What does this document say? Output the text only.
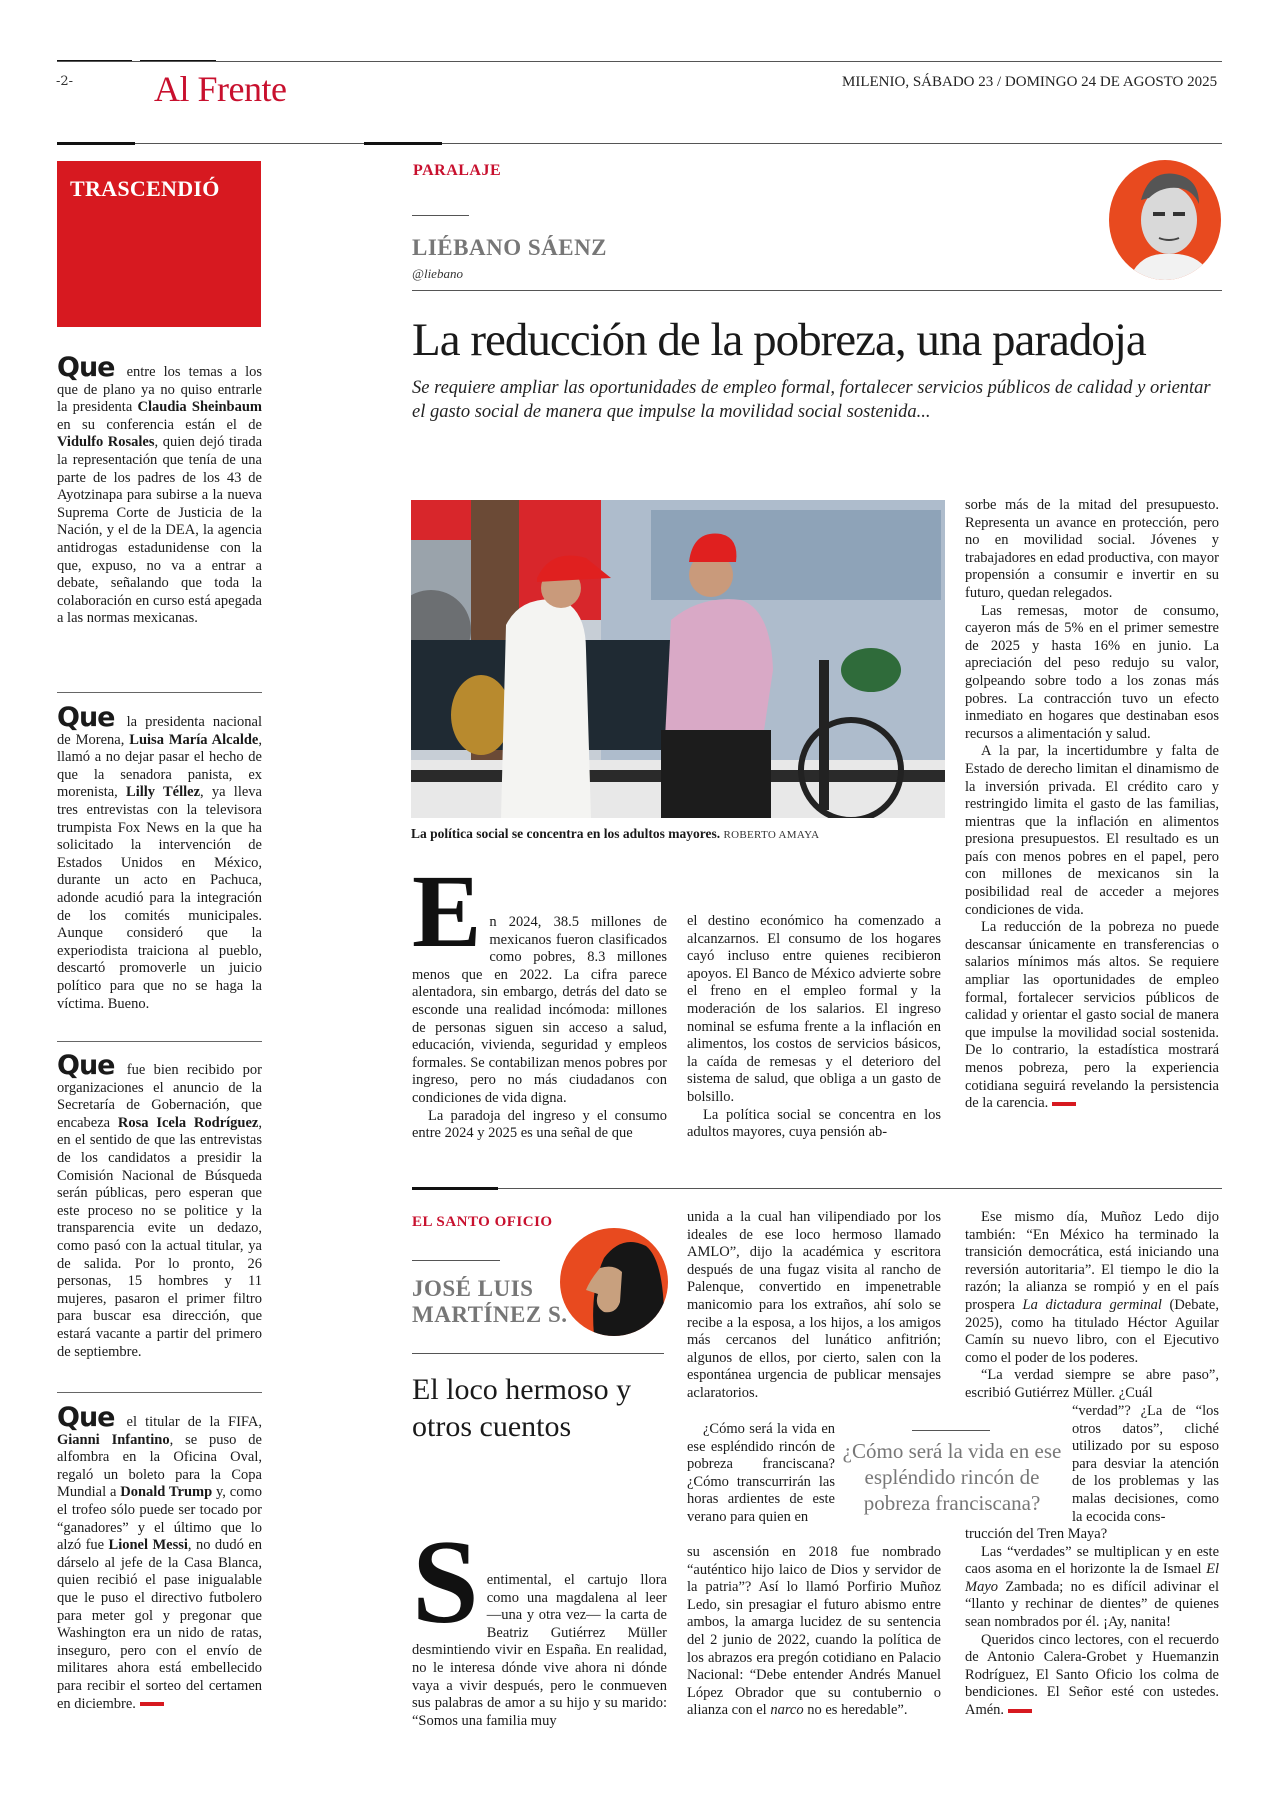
-2- Al Frente	MILENIO, SÁBADO 23 / DOMINGO 24 DE AGOSTO 2025
TRASCENDIÓ
Que entre los temas a los que de plano ya no quiso entrarle la presidenta Claudia Sheinbaum en su conferencia están el de Vidulfo Rosales, quien dejó tirada la representación que tenía de una parte de los padres de los 43 de Ayotzinapa para subirse a la nueva Suprema Corte de Justicia de la Nación, y el de la DEA, la agencia antidrogas estadunidense con la que, expuso, no va a entrar a debate, señalando que toda la colaboración en curso está apegada a las normas mexicanas.
Que la presidenta nacional de Morena, Luisa María Alcalde, llamó a no dejar pasar el hecho de que la senadora panista, ex morenista, Lilly Téllez, ya lleva tres entrevistas con la televisora trumpista Fox News en la que ha solicitado la intervención de Estados Unidos en México, durante un acto en Pachuca, adonde acudió para la integración de los comités municipales. Aunque consideró que la experiodista traiciona al pueblo, descartó promoverle un juicio político para que no se haga la víctima. Bueno.
Que fue bien recibido por organizaciones el anuncio de la Secretaría de Gobernación, que encabeza Rosa Icela Rodríguez, en el sentido de que las entrevistas de los candidatos a presidir la Comisión Nacional de Búsqueda serán públicas, pero esperan que este proceso no se politice y la transparencia evite un dedazo, como pasó con la actual titular, ya de salida. Por lo pronto, 26 personas, 15 hombres y 11 mujeres, pasaron el primer filtro para buscar esa dirección, que estará vacante a partir del primero de septiembre.
Que el titular de la FIFA, Gianni Infantino, se puso de alfombra en la Oficina Oval, regaló un boleto para la Copa Mundial a Donald Trump y, como el trofeo sólo puede ser tocado por “ganadores” y el último que lo alzó fue Lionel Messi, no dudó en dárselo al jefe de la Casa Blanca, quien recibió el pase inigualable que le puso el directivo futbolero para meter gol y pregonar que Washington era un nido de ratas, inseguro, pero con el envío de militares ahora está embellecido para recibir el sorteo del certamen en diciembre.
PARALAJE
LIÉBANO SÁENZ
@liebano
La reducción de la pobreza, una paradoja
Se requiere ampliar las oportunidades de empleo formal, fortalecer servicios públicos de calidad y orientar el gasto social de manera que impulse la movilidad social sostenida...
La política social se concentra en los adultos mayores. ROBERTO AMAYA
E n 2024, 38.5 millones de mexicanos fueron clasificados como pobres, 8.3 millones menos que en 2022. La cifra parece alentadora, sin embargo, detrás del dato se esconde una realidad incómoda: millones de personas siguen sin acceso a salud, educación, vivienda, seguridad y empleos formales. Se contabilizan menos pobres por ingreso, pero no más ciudadanos con condiciones de vida digna.

La paradoja del ingreso y el consumo entre 2024 y 2025 es una señal de que

el destino económico ha comenzado a alcanzarnos. El consumo de los hogares cayó incluso entre quienes recibieron apoyos. El Banco de México advierte sobre el freno en el empleo formal y la moderación de los salarios. El ingreso nominal se esfuma frente a la inflación en alimentos, los costos de servicios básicos, la caída de remesas y el deterioro del sistema de salud, que obliga a un gasto de bolsillo.

La política social se concentra en los adultos mayores, cuya pensión ab-

sorbe más de la mitad del presupuesto. Representa un avance en protección, pero no en movilidad social. Jóvenes y trabajadores en edad productiva, con mayor propensión a consumir e invertir en su futuro, quedan relegados.

Las remesas, motor de consumo, cayeron más de 5% en el primer semestre de 2025 y hasta 16% en junio. La apreciación del peso redujo su valor, golpeando sobre todo a los zonas más pobres. La contracción tuvo un efecto inmediato en hogares que destinaban esos recursos a alimentación y salud.

A la par, la incertidumbre y falta de Estado de derecho limitan el dinamismo de la inversión privada. El crédito caro y restringido limita el gasto de las familias, mientras que la inflación en alimentos presiona presupuestos. El resultado es un país con menos pobres en el papel, pero con millones de mexicanos sin la posibilidad real de acceder a mejores condiciones de vida.

La reducción de la pobreza no puede descansar únicamente en transferencias o salarios mínimos más altos. Se requiere ampliar las oportunidades de empleo formal, fortalecer servicios públicos de calidad y orientar el gasto social de manera que impulse la movilidad social sostenida. De lo contrario, la estadística mostrará menos pobreza, pero la experiencia cotidiana seguirá revelando la persistencia de la carencia.

EL SANTO OFICIO
JOSÉ LUIS
MARTÍNEZ S.
El loco hermoso y otros cuentos
S entimental, el cartujo llora como una magdalena al leer —una y otra vez— la carta de Beatriz Gutiérrez Müller desmintiendo vivir en España. En realidad, no le interesa dónde vive ahora ni dónde vaya a vivir después, pero le conmueven sus palabras de amor a su hijo y su marido: “Somos una familia muy

unida a la cual han vilipendiado por los ideales de ese loco hermoso llamado AMLO”, dijo la académica y escritora después de una fugaz visita al rancho de Palenque, convertido en impenetrable manicomio para los extraños, ahí solo se recibe a la esposa, a los hijos, a los amigos más cercanos del lunático anfitrión; algunos de ellos, por cierto, salen con la espontánea urgencia de publicar mensajes aclaratorios.

¿Cómo será la vida en ese espléndido rincón de pobreza franciscana? ¿Cómo transcurrirán las horas ardientes de este verano para quien en

su ascensión en 2018 fue nombrado “auténtico hijo laico de Dios y servidor de la patria”? Así lo llamó Porfirio Muñoz Ledo, sin presagiar el futuro abismo entre ambos, la amarga lucidez de su sentencia del 2 junio de 2022, cuando la política de los abrazos era pregón cotidiano en Palacio Nacional: “Debe entender Andrés Manuel López Obrador que su contubernio o alianza con el narco no es heredable”.

¿Cómo será la vida en ese espléndido rincón de pobreza franciscana?

Ese mismo día, Muñoz Ledo dijo también: “En México ha terminado la transición democrática, está iniciando una reversión autoritaria”. El tiempo le dio la razón; la alianza se rompió y en el país prospera La dictadura germinal (Debate, 2025), como ha titulado Héctor Aguilar Camín su nuevo libro, con el Ejecutivo como el poder de los poderes.

“La verdad siempre se abre paso”, escribió Gutiérrez Müller. ¿Cuál

“verdad”? ¿La de “los otros datos”, cliché utilizado por su esposo para desviar la atención de los problemas y las malas decisiones, como la ecocida cons-

trucción del Tren Maya?

Las “verdades” se multiplican y en este caos asoma en el horizonte la de Ismael El Mayo Zambada; no es difícil adivinar el “llanto y rechinar de dientes” de quienes sean nombrados por él. ¡Ay, nanita!

Queridos cinco lectores, con el recuerdo de Antonio Calera-Grobet y Huemanzin Rodríguez, El Santo Oficio los colma de bendiciones. El Señor esté con ustedes. Amén.
